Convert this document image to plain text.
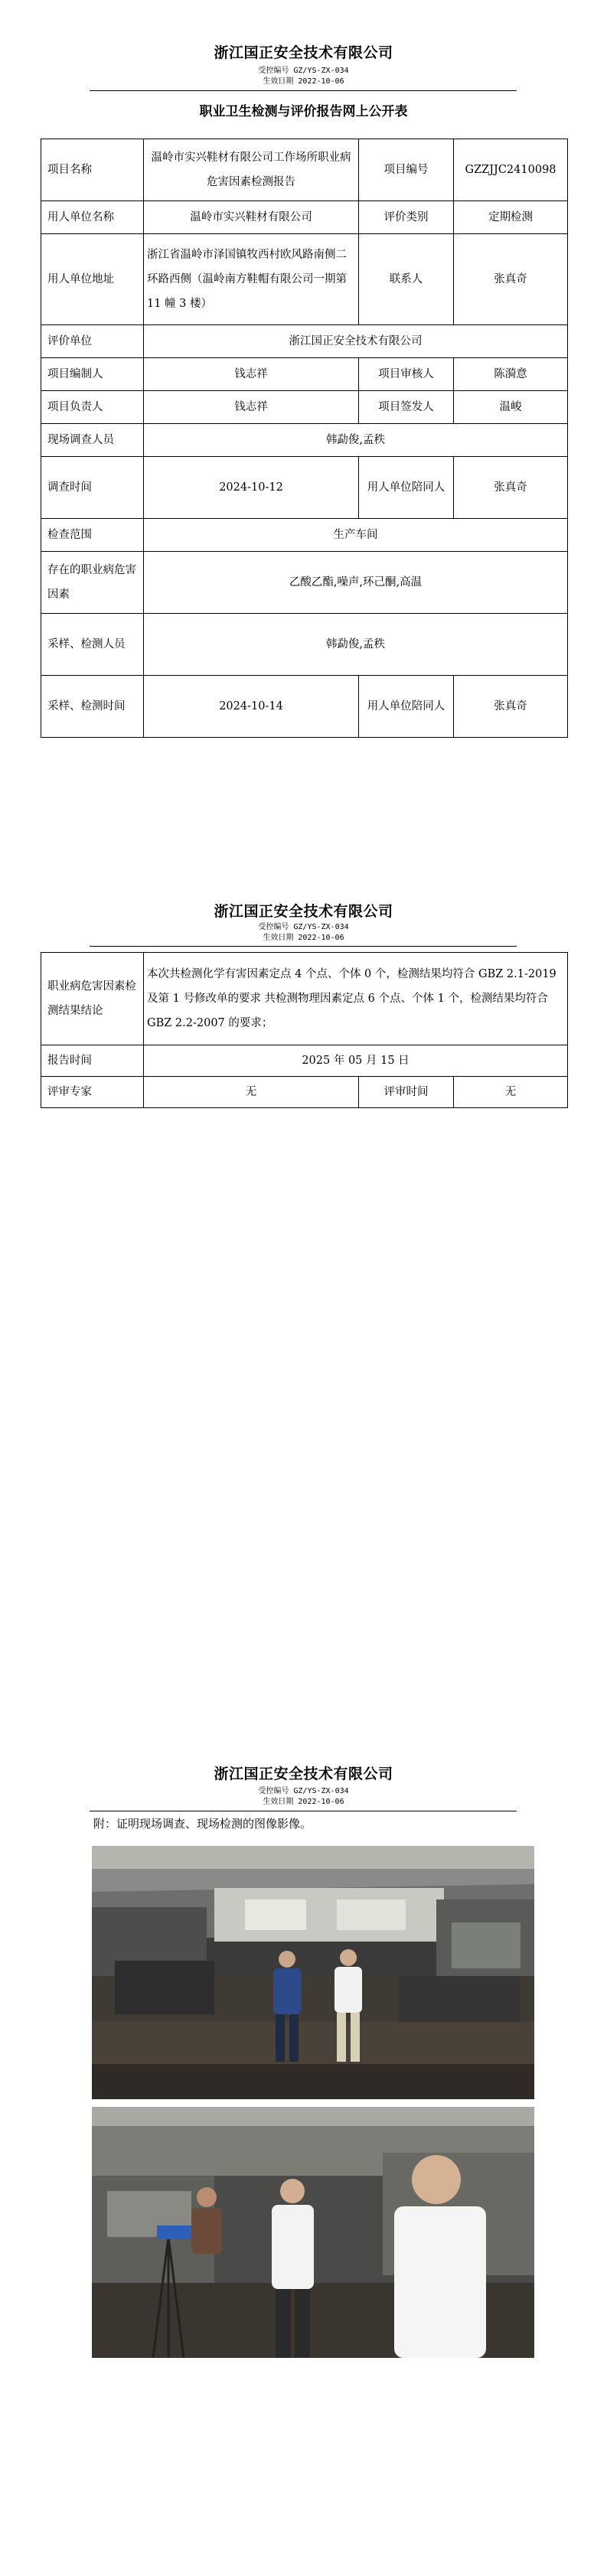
浙江国正安全技术有限公司
受控编号 GZ/YS-ZX-034
生效日期 2022-10-06
职业卫生检测与评价报告网上公开表
项目名称	温岭市实兴鞋材有限公司工作场所职业病危害因素检测报告	项目编号	GZZJJC2410098
用人单位名称	温岭市实兴鞋材有限公司	评价类别	定期检测
用人单位地址	浙江省温岭市泽国镇牧西村欧风路南侧二环路西侧（温岭南方鞋帽有限公司一期第 11 幢 3 楼）	联系人	张真奇
评价单位	浙江国正安全技术有限公司		
项目编制人	钱志祥	项目审核人	陈漪意
项目负责人	钱志祥	项目签发人	温峻
现场调查人员	韩勐俊,孟秩		
调查时间	2024-10-12	用人单位陪同人	张真奇
检查范围	生产车间		
存在的职业病危害因素	乙酸乙酯,噪声,环己酮,高温		
采样、检测人员	韩勐俊,孟秩		
采样、检测时间	2024-10-14	用人单位陪同人	张真奇
浙江国正安全技术有限公司
受控编号 GZ/YS-ZX-034
生效日期 2022-10-06
职业病危害因素检测结果结论	本次共检测化学有害因素定点 4 个点、个体 0 个，检测结果均符合 GBZ 2.1-2019 及第 1 号修改单的要求 共检测物理因素定点 6 个点、个体 1 个，检测结果均符合 GBZ 2.2-2007 的要求；		
报告时间	2025 年 05 月 15 日		
评审专家	无	评审时间	无
浙江国正安全技术有限公司
受控编号 GZ/YS-ZX-034
生效日期 2022-10-06
附：证明现场调查、现场检测的图像影像。
